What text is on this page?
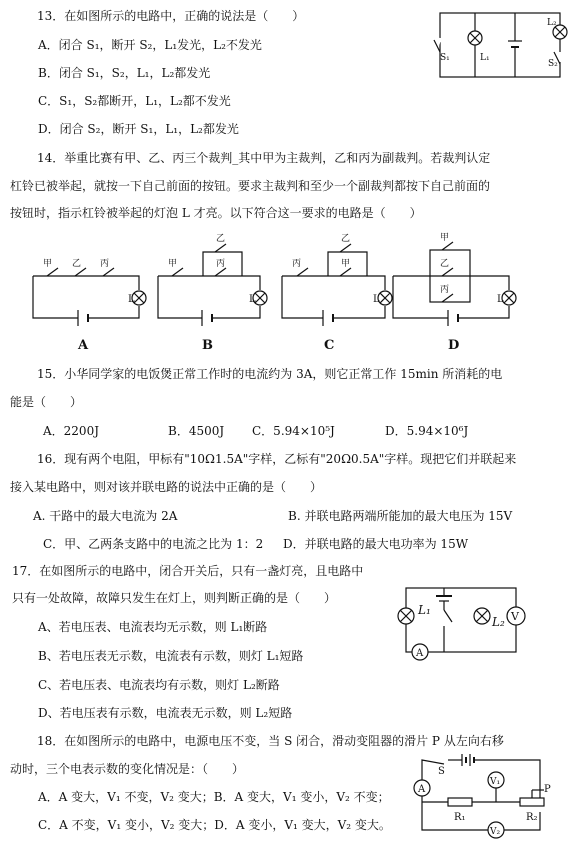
13．在如图所示的电路中，正确的说法是（　　）
A．闭合 S₁，断开 S₂，L₁发光，L₂不发光
B．闭合 S₁，S₂，L₁，L₂都发光
C．S₁，S₂都断开，L₁，L₂都不发光
D．闭合 S₂，断开 S₁，L₁，L₂都发光
S₁	L₁
L₂
S₂
14．举重比赛有甲、乙、丙三个裁判_其中甲为主裁判，乙和丙为副裁判。若裁判认定
杠铃已被举起，就按一下自己前面的按钮。要求主裁判和至少一个副裁判都按下自己前面的
按钮时，指示杠铃被举起的灯泡 L 才亮。以下符合这一要求的电路是（　　）
甲 乙 丙
L
甲
乙
丙
L
丙
乙
甲
L
甲
乙
丙
L
A	B	C	D
15．小华同学家的电饭煲正常工作时的电流约为 3A，则它正常工作 15min 所消耗的电
能是（　　）
A．2200J	B．4500J C．5.94×10⁵J	D．5.94×10⁶J
16．现有两个电阻，甲标有"10Ω1.5A"字样，乙标有"20Ω0.5A"字样。现把它们并联起来
接入某电路中，则对该并联电路的说法中正确的是（　　）
A. 干路中的最大电流为 2A	B. 并联电路两端所能加的最大电压为 15V
C．甲、乙两条支路中的电流之比为 1：2 D．并联电路的最大电功率为 15W
17．在如图所示的电路中，闭合开关后，只有一盏灯亮，且电路中
只有一处故障，故障只发生在灯上，则判断正确的是（　　）
A、若电压表、电流表均无示数，则 L₁断路
B、若电压表无示数，电流表有示数，则灯 L₁短路
C、若电压表、电流表均有示数，则灯 L₂断路
D、若电压表有示数，电流表无示数，则 L₂短路
L₁
L₂ V
A
18．在如图所示的电路中，电源电压不变，当 S 闭合，滑动变阻器的滑片 P 从左向右移
动时，三个电表示数的变化情况是：（　　）
A．A 变大，V₁ 不变，V₂ 变大；B．A 变大，V₁ 变小，V₂ 不变；
C．A 不变，V₁ 变小，V₂ 变大；D．A 变小，V₁ 变大，V₂ 变大。
S
A
V₁
P
R₁	R₂
V₂
